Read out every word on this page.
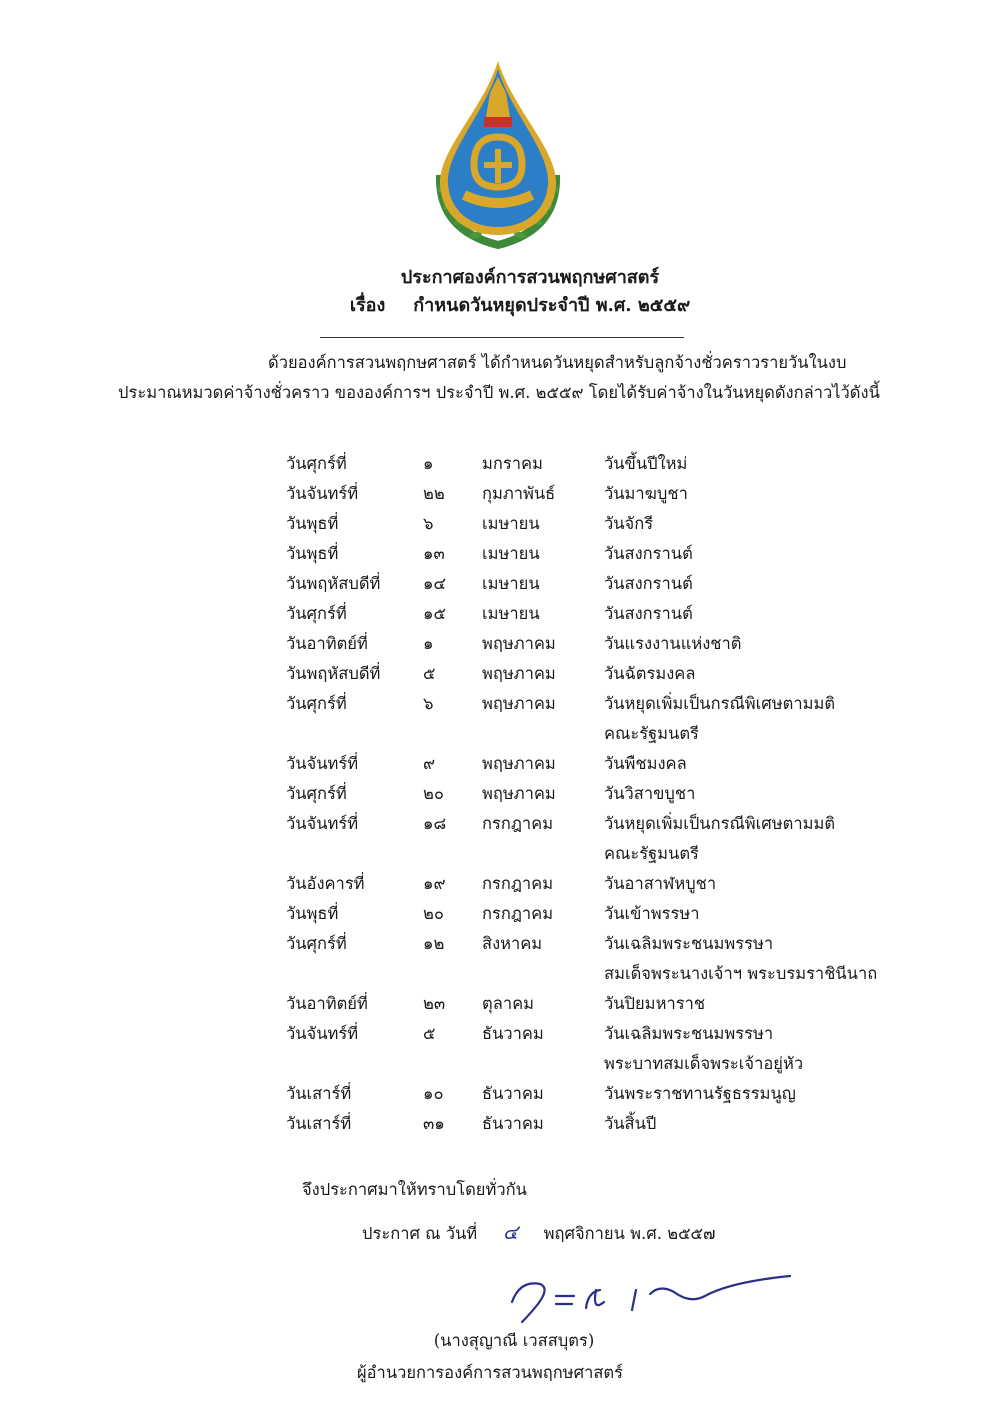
ประกาศองค์การสวนพฤกษศาสตร์
เรื่อง กำหนดวันหยุดประจำปี พ.ศ. ๒๕๕๙
ด้วยองค์การสวนพฤกษศาสตร์ ได้กำหนดวันหยุดสำหรับลูกจ้างชั่วคราวรายวันในงบประมาณหมวดค่าจ้างชั่วคราว ขององค์การฯ ประจำปี พ.ศ. ๒๕๕๙ โดยได้รับค่าจ้างในวันหยุดดังกล่าวไว้ดังนี้
วันศุกร์ที่	๑	มกราคม	วันขึ้นปีใหม่
วันจันทร์ที่	๒๒ กุมภาพันธ์	วันมาฆบูชา
วันพุธที่	๖	เมษายน	วันจักรี
วันพุธที่	๑๓ เมษายน	วันสงกรานต์
วันพฤหัสบดีที่	๑๔ เมษายน	วันสงกรานต์
วันศุกร์ที่	๑๕ เมษายน	วันสงกรานต์
วันอาทิตย์ที่	๑	พฤษภาคม	วันแรงงานแห่งชาติ
วันพฤหัสบดีที่	๕	พฤษภาคม	วันฉัตรมงคล
วันศุกร์ที่	๖	พฤษภาคม	วันหยุดเพิ่มเป็นกรณีพิเศษตามมติ
คณะรัฐมนตรี
วันจันทร์ที่	๙	พฤษภาคม	วันพืชมงคล
วันศุกร์ที่	๒๐ พฤษภาคม	วันวิสาขบูชา
วันจันทร์ที่	๑๘ กรกฎาคม	วันหยุดเพิ่มเป็นกรณีพิเศษตามมติ
คณะรัฐมนตรี
วันอังคารที่	๑๙ กรกฎาคม	วันอาสาฬหบูชา
วันพุธที่	๒๐ กรกฎาคม	วันเข้าพรรษา
วันศุกร์ที่	๑๒ สิงหาคม	วันเฉลิมพระชนมพรรษา
สมเด็จพระนางเจ้าฯ พระบรมราชินีนาถ
วันอาทิตย์ที่	๒๓ ตุลาคม	วันปิยมหาราช
วันจันทร์ที่	๕	ธันวาคม	วันเฉลิมพระชนมพรรษา
พระบาทสมเด็จพระเจ้าอยู่หัว
วันเสาร์ที่	๑๐ ธันวาคม	วันพระราชทานรัฐธรรมนูญ
วันเสาร์ที่	๓๑ ธันวาคม	วันสิ้นปี
จึงประกาศมาให้ทราบโดยทั่วกัน
ประกาศ ณ วันที่ ๔ พฤศจิกายน พ.ศ. ๒๕๕๗
(นางสุญาณี เวสสบุตร)
ผู้อำนวยการองค์การสวนพฤกษศาสตร์
